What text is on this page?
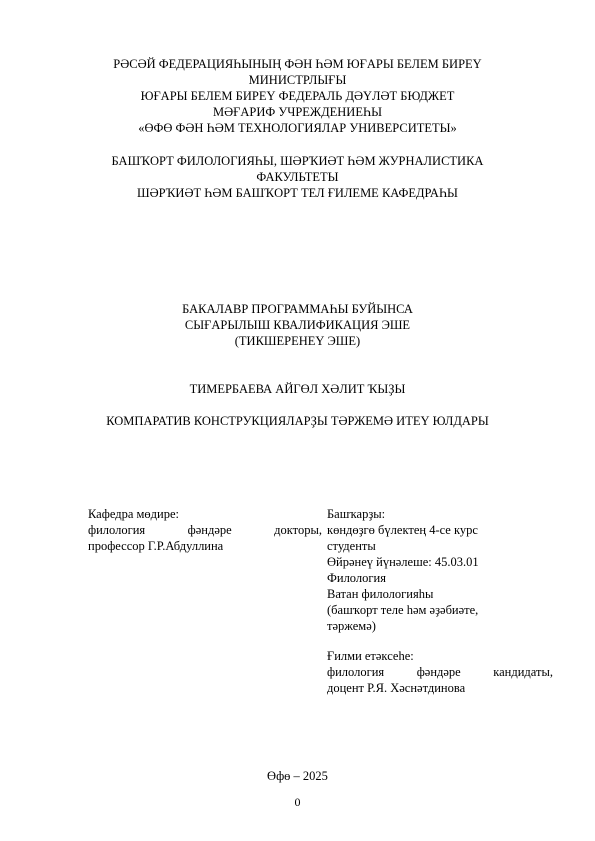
РӘСӘЙ ФЕДЕРАЦИЯҺЫНЫҢ ФӘН ҺӘМ ЮҒАРЫ БЕЛЕМ БИРЕҮ
МИНИСТРЛЫҒЫ
ЮҒАРЫ БЕЛЕМ БИРЕҮ ФЕДЕРАЛЬ ДӘҮЛӘТ БЮДЖЕТ
МӘҒАРИФ УЧРЕЖДЕНИЕҺЫ
«ӨФӨ ФӘН ҺӘМ ТЕХНОЛОГИЯЛАР УНИВЕРСИТЕТЫ»
БАШҠОРТ ФИЛОЛОГИЯҺЫ, ШӘРҠИӘТ ҺӘМ ЖУРНАЛИСТИКА
ФАКУЛЬТЕТЫ
ШӘРҠИӘТ ҺӘМ БАШҠОРТ ТЕЛ ҒИЛЕМЕ КАФЕДРАҺЫ
БАКАЛАВР ПРОГРАММАҺЫ БУЙЫНСА
СЫҒАРЫЛЫШ КВАЛИФИКАЦИЯ ЭШЕ
(ТИКШЕРЕНЕҮ ЭШЕ)
ТИМЕРБАЕВА АЙГӨЛ ХӘЛИТ ҠЫҘЫ
КОМПАРАТИВ КОНСТРУКЦИЯЛАРҘЫ ТӘРЖЕМӘ ИТЕҮ ЮЛДАРЫ
Кафедра мөдире:
филология фәндәре докторы,
профессор Г.Р.Абдуллина
Башҡарҙы:
көндөҙгө бүлектең 4-се курс
студенты
Өйрәнеү йүнәлеше: 45.03.01
Филология
Ватан филологияһы
(башҡорт теле һәм әҙәбиәте,
тәржемә)
Ғилми етәксеһе:
филология фәндәре кандидаты,
доцент Р.Я. Хәснәтдинова
Өфө – 2025
0
